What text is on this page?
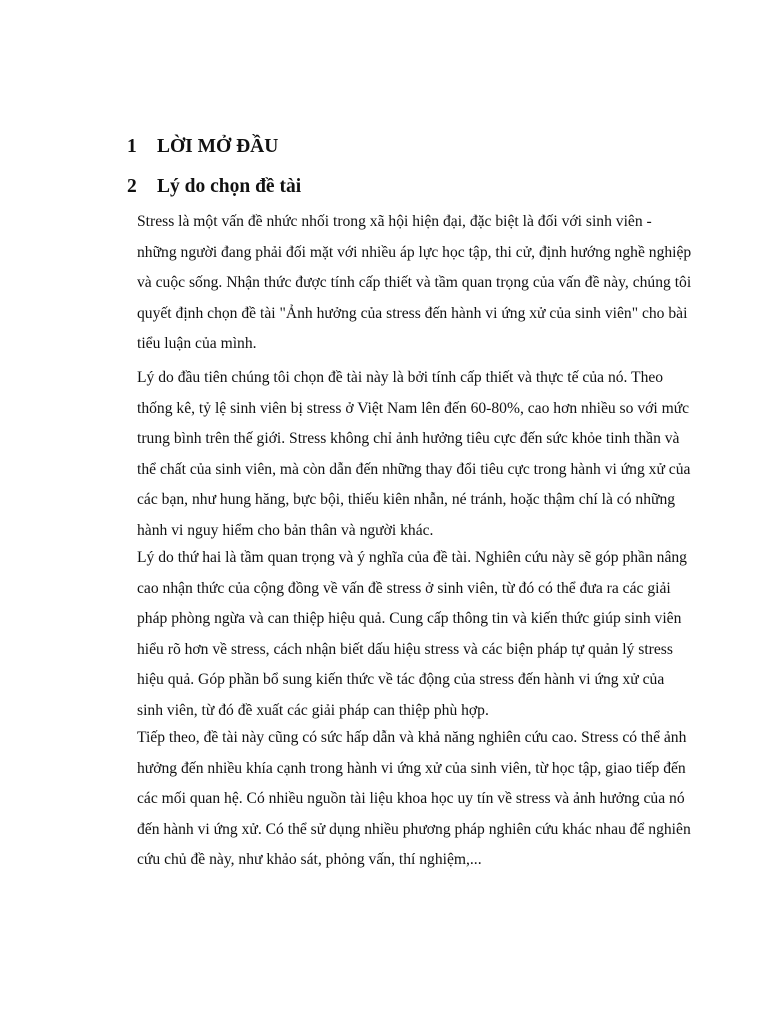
1 LỜI MỞ ĐẦU
2 Lý do chọn đề tài

Stress là một vấn đề nhức nhối trong xã hội hiện đại, đặc biệt là đối với sinh viên - những người đang phải đối mặt với nhiều áp lực học tập, thi cử, định hướng nghề nghiệp và cuộc sống. Nhận thức được tính cấp thiết và tầm quan trọng của vấn đề này, chúng tôi quyết định chọn đề tài "Ảnh hưởng của stress đến hành vi ứng xử của sinh viên" cho bài tiểu luận của mình.

Lý do đầu tiên chúng tôi chọn đề tài này là bởi tính cấp thiết và thực tế của nó. Theo thống kê, tỷ lệ sinh viên bị stress ở Việt Nam lên đến 60-80%, cao hơn nhiều so với mức trung bình trên thế giới. Stress không chỉ ảnh hưởng tiêu cực đến sức khỏe tinh thần và thể chất của sinh viên, mà còn dẫn đến những thay đổi tiêu cực trong hành vi ứng xử của các bạn, như hung hăng, bực bội, thiếu kiên nhẫn, né tránh, hoặc thậm chí là có những hành vi nguy hiểm cho bản thân và người khác.

Lý do thứ hai là tầm quan trọng và ý nghĩa của đề tài. Nghiên cứu này sẽ góp phần nâng cao nhận thức của cộng đồng về vấn đề stress ở sinh viên, từ đó có thể đưa ra các giải pháp phòng ngừa và can thiệp hiệu quả. Cung cấp thông tin và kiến thức giúp sinh viên hiểu rõ hơn về stress, cách nhận biết dấu hiệu stress và các biện pháp tự quản lý stress hiệu quả. Góp phần bổ sung kiến thức về tác động của stress đến hành vi ứng xử của sinh viên, từ đó đề xuất các giải pháp can thiệp phù hợp.

Tiếp theo, đề tài này cũng có sức hấp dẫn và khả năng nghiên cứu cao. Stress có thể ảnh hưởng đến nhiều khía cạnh trong hành vi ứng xử của sinh viên, từ học tập, giao tiếp đến các mối quan hệ. Có nhiều nguồn tài liệu khoa học uy tín về stress và ảnh hưởng của nó đến hành vi ứng xử. Có thể sử dụng nhiều phương pháp nghiên cứu khác nhau để nghiên cứu chủ đề này, như khảo sát, phỏng vấn, thí nghiệm,...
